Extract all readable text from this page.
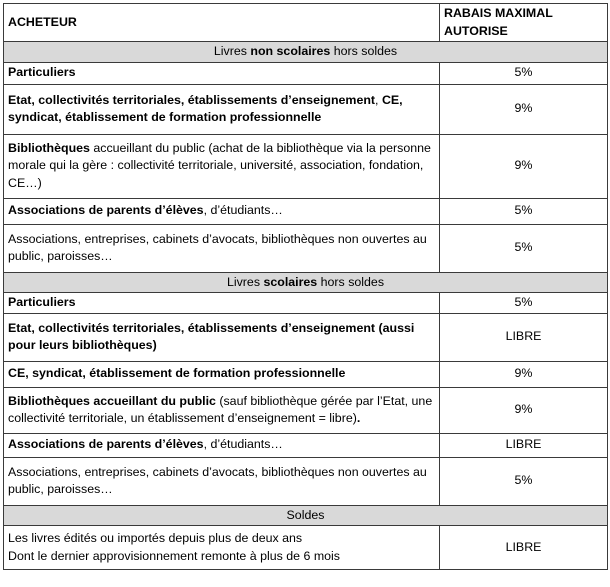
ACHETEUR	RABAIS MAXIMAL
AUTORISE
Livres non scolaires hors soldes	
Particuliers	5%
Etat, collectivités territoriales, établissements d’enseignement, CE, syndicat, établissement de formation professionnelle	9%
Bibliothèques accueillant du public (achat de la bibliothèque via la personne morale qui la gère : collectivité territoriale, université, association, fondation, CE…)	9%
Associations de parents d’élèves, d’étudiants…	5%
Associations, entreprises, cabinets d’avocats, bibliothèques non ouvertes au public, paroisses…	5%
Livres scolaires hors soldes	
Particuliers	5%
Etat, collectivités territoriales, établissements d’enseignement (aussi pour leurs bibliothèques)	LIBRE
CE, syndicat, établissement de formation professionnelle	9%
Bibliothèques accueillant du public (sauf bibliothèque gérée par l’Etat, une collectivité territoriale, un établissement d’enseignement = libre).	9%
Associations de parents d’élèves, d’étudiants…	LIBRE
Associations, entreprises, cabinets d’avocats, bibliothèques non ouvertes au public, paroisses…	5%
Soldes	
Les livres édités ou importés depuis plus de deux ans
Dont le dernier approvisionnement remonte à plus de 6 mois	LIBRE
